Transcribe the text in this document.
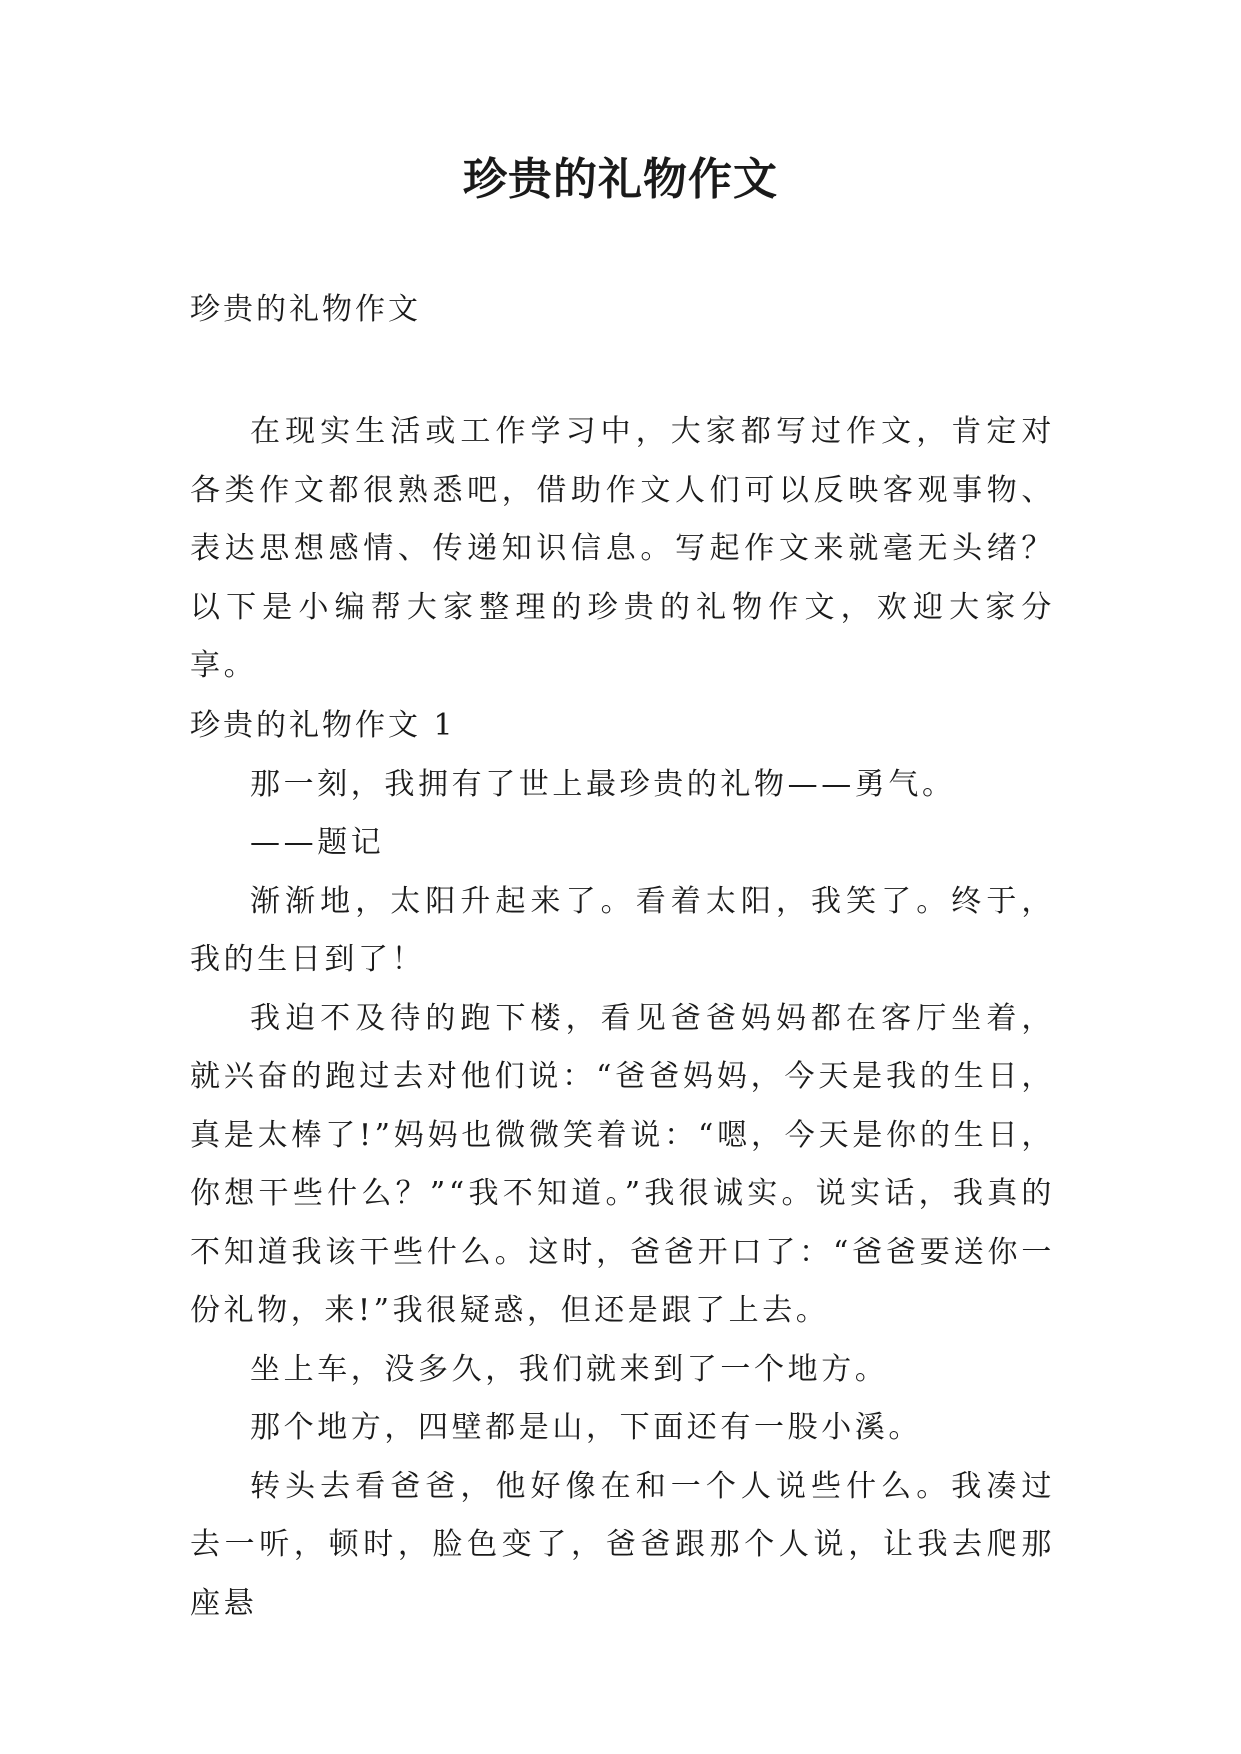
珍贵的礼物作文
珍贵的礼物作文

在现实生活或工作学习中，大家都写过作文，肯定对各类作文都很熟悉吧，借助作文人们可以反映客观事物、表达思想感情、传递知识信息。写起作文来就毫无头绪？以下是小编帮大家整理的珍贵的礼物作文，欢迎大家分享。

珍贵的礼物作文 1

那一刻，我拥有了世上最珍贵的礼物——勇气。

——题记

渐渐地，太阳升起来了。看着太阳，我笑了。终于，我的生日到了！

我迫不及待的跑下楼，看见爸爸妈妈都在客厅坐着，就兴奋的跑过去对他们说：“爸爸妈妈，今天是我的生日，真是太棒了!”妈妈也微微笑着说：“嗯，今天是你的生日，你想干些什么？”“我不知道。”我很诚实。说实话，我真的不知道我该干些什么。这时，爸爸开口了：“爸爸要送你一份礼物，来!”我很疑惑，但还是跟了上去。

坐上车，没多久，我们就来到了一个地方。

那个地方，四壁都是山，下面还有一股小溪。

转头去看爸爸，他好像在和一个人说些什么。我凑过去一听，顿时，脸色变了，爸爸跟那个人说，让我去爬那座悬
